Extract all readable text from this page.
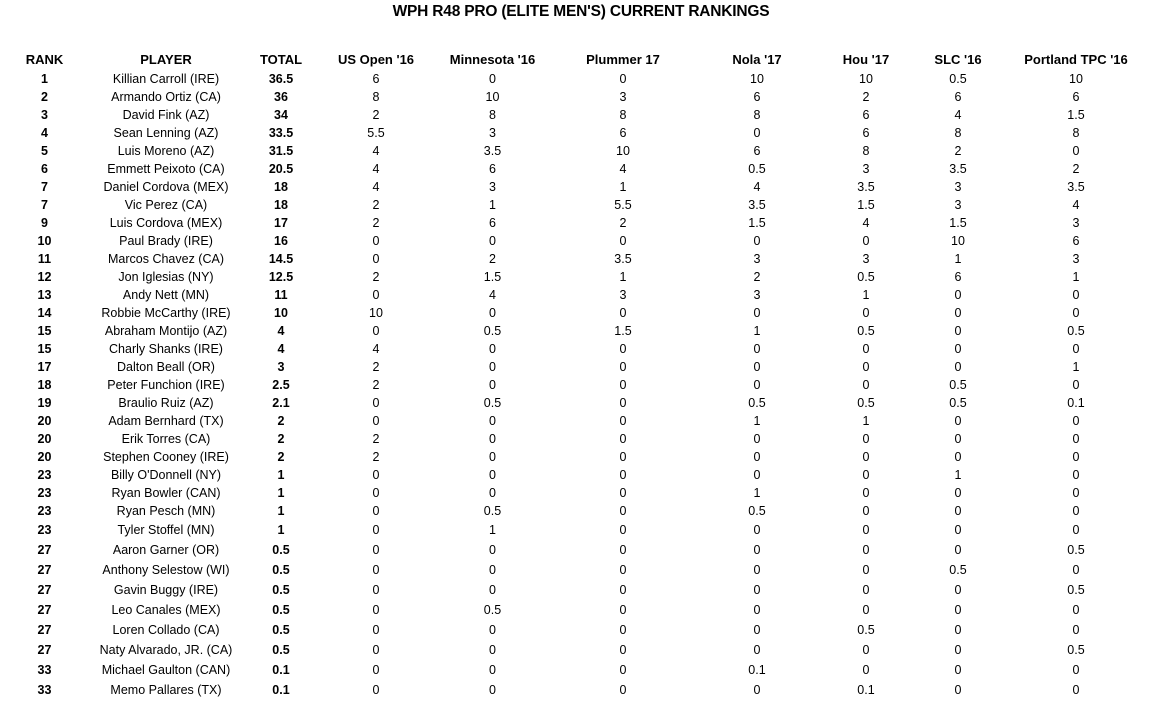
WPH R48 PRO (ELITE MEN'S) CURRENT RANKINGS
RANK	PLAYER	TOTAL	US Open '16	Minnesota '16	Plummer 17	Nola '17	Hou '17	SLC '16	Portland TPC '16
1	Killian Carroll (IRE)	36.5	6	0	0	10	10	0.5	10
2	Armando Ortiz (CA)	36	8	10	3	6	2	6	6
3	David Fink (AZ)	34	2	8	8	8	6	4	1.5
4	Sean Lenning (AZ)	33.5	5.5	3	6	0	6	8	8
5	Luis Moreno (AZ)	31.5	4	3.5	10	6	8	2	0
6	Emmett Peixoto (CA)	20.5	4	6	4	0.5	3	3.5	2
7	Daniel Cordova (MEX)	18	4	3	1	4	3.5	3	3.5
7	Vic Perez (CA)	18	2	1	5.5	3.5	1.5	3	4
9	Luis Cordova (MEX)	17	2	6	2	1.5	4	1.5	3
10	Paul Brady (IRE)	16	0	0	0	0	0	10	6
11	Marcos Chavez (CA)	14.5	0	2	3.5	3	3	1	3
12	Jon Iglesias (NY)	12.5	2	1.5	1	2	0.5	6	1
13	Andy Nett (MN)	11	0	4	3	3	1	0	0
14	Robbie McCarthy (IRE)	10	10	0	0	0	0	0	0
15	Abraham Montijo (AZ)	4	0	0.5	1.5	1	0.5	0	0.5
15	Charly Shanks (IRE)	4	4	0	0	0	0	0	0
17	Dalton Beall (OR)	3	2	0	0	0	0	0	1
18	Peter Funchion (IRE)	2.5	2	0	0	0	0	0.5	0
19	Braulio Ruiz (AZ)	2.1	0	0.5	0	0.5	0.5	0.5	0.1
20	Adam Bernhard (TX)	2	0	0	0	1	1	0	0
20	Erik Torres (CA)	2	2	0	0	0	0	0	0
20	Stephen Cooney (IRE)	2	2	0	0	0	0	0	0
23	Billy O'Donnell (NY)	1	0	0	0	0	0	1	0
23	Ryan Bowler (CAN)	1	0	0	0	1	0	0	0
23	Ryan Pesch (MN)	1	0	0.5	0	0.5	0	0	0
23	Tyler Stoffel (MN)	1	0	1	0	0	0	0	0
27	Aaron Garner (OR)	0.5	0	0	0	0	0	0	0.5
27	Anthony Selestow (WI)	0.5	0	0	0	0	0	0.5	0
27	Gavin Buggy (IRE)	0.5	0	0	0	0	0	0	0.5
27	Leo Canales (MEX)	0.5	0	0.5	0	0	0	0	0
27	Loren Collado (CA)	0.5	0	0	0	0	0.5	0	0
27	Naty Alvarado, JR. (CA)	0.5	0	0	0	0	0	0	0.5
33	Michael Gaulton (CAN)	0.1	0	0	0	0.1	0	0	0
33	Memo Pallares (TX)	0.1	0	0	0	0	0.1	0	0
